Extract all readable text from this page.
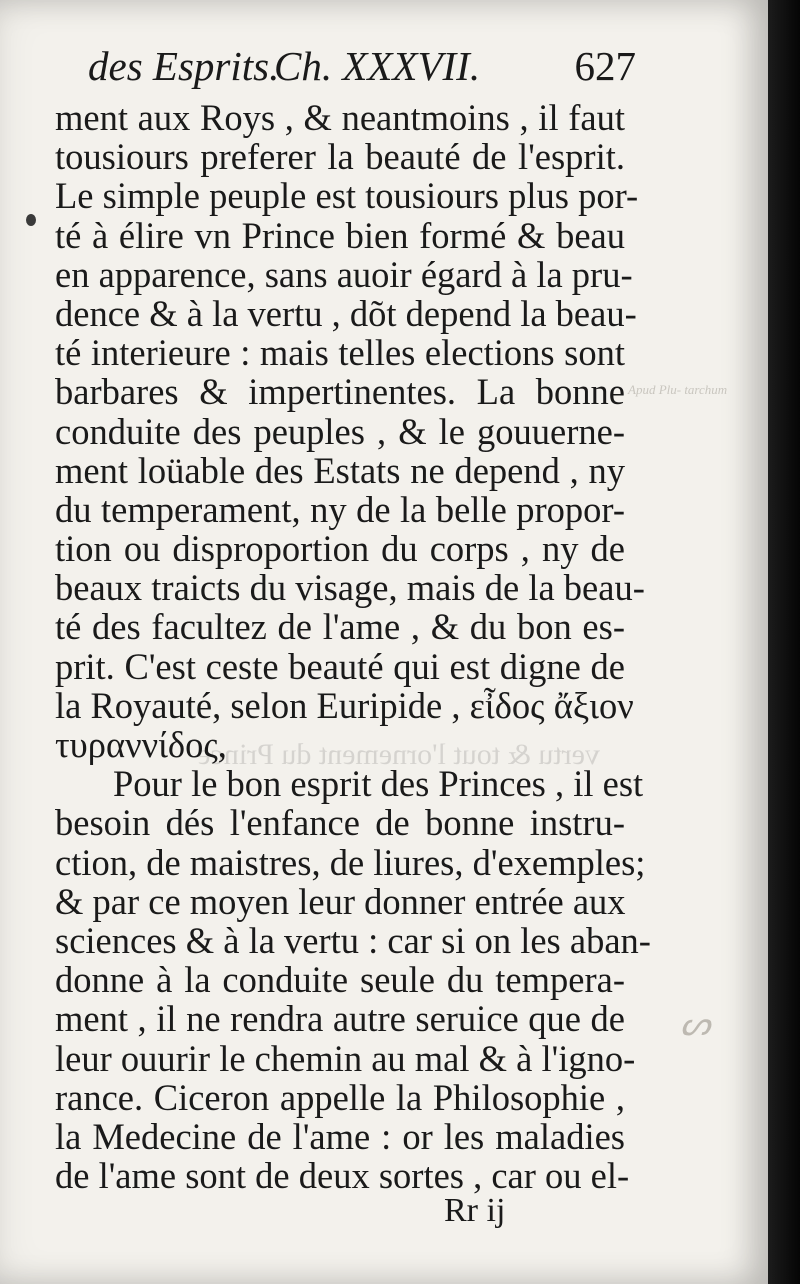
des Esprits.
Ch. XXXVII. 627
Apud Plu- tarchum
vertu & tout l'ornement du Prince
ment aux Roys , & neantmoins , il faut
tousiours preferer la beauté de l'esprit.
Le simple peuple est tousiours plus por-
té à élire vn Prince bien formé & beau
en apparence, sans auoir égard à la pru-
dence & à la vertu , dõt depend la beau-
té interieure : mais telles elections sont
barbares & impertinentes. La bonne
conduite des peuples , & le gouuerne-
ment loüable des Estats ne depend , ny
du temperament, ny de la belle propor-
tion ou disproportion du corps , ny de
beaux traicts du visage, mais de la beau-
té des facultez de l'ame , & du bon es-
prit. C'est ceste beauté qui est digne de
la Royauté, selon Euripide , εἶδος ἄξιον
τυραννίδος,
Pour le bon esprit des Princes , il est
besoin dés l'enfance de bonne instru-
ction, de maistres, de liures, d'exemples;
& par ce moyen leur donner entrée aux
sciences & à la vertu : car si on les aban-
donne à la conduite seule du tempera-
ment , il ne rendra autre seruice que de
leur ouurir le chemin au mal & à l'igno-
rance. Ciceron appelle la Philosophie ,
la Medecine de l'ame : or les maladies
de l'ame sont de deux sortes , car ou el-
ᔕ
Rr ij
